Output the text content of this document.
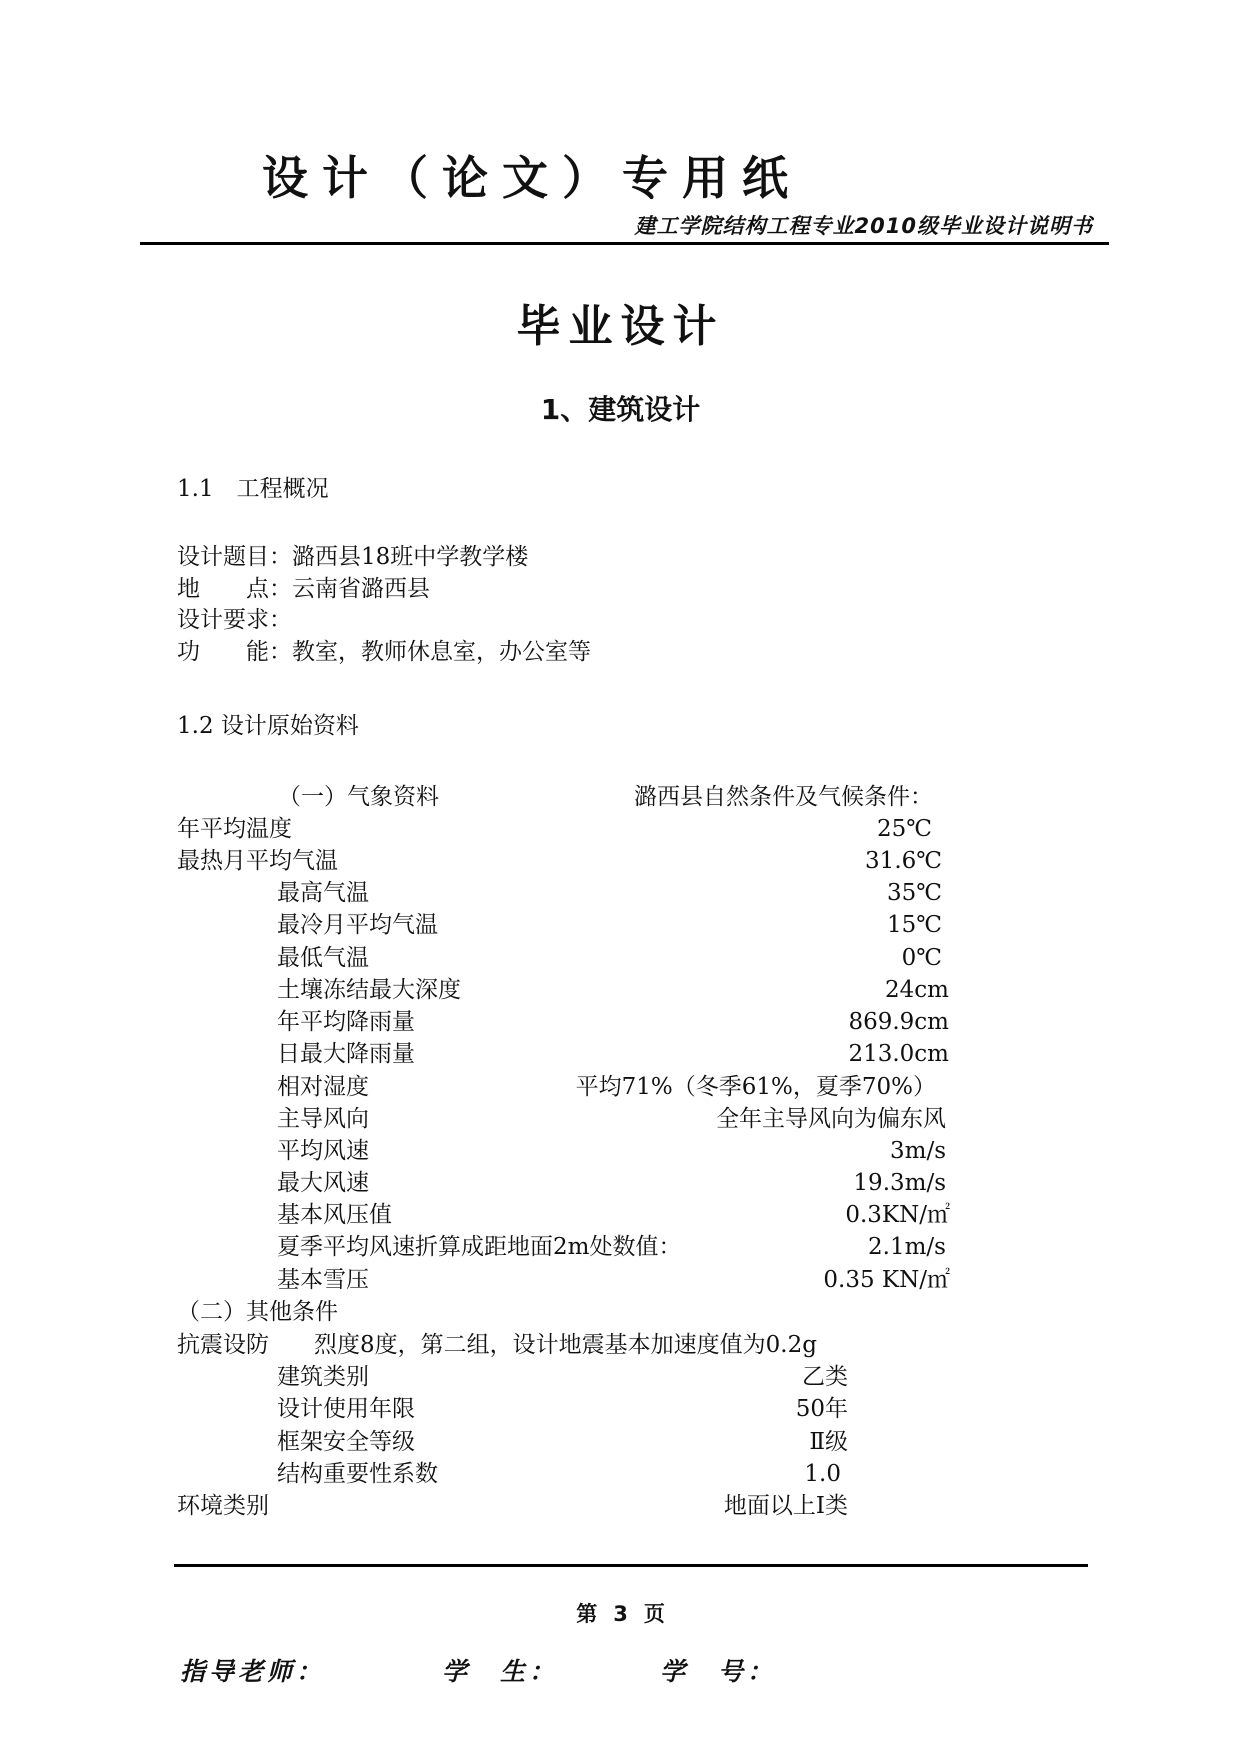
设计（论文）专用纸
建工学院结构工程专业2010级毕业设计说明书
毕业设计
1、建筑设计
1.1　工程概况
设计题目：潞西县18班中学教学楼
地　　点：云南省潞西县
设计要求：
功　　能：教室，教师休息室，办公室等
1.2 设计原始资料
（一）气象资料	潞西县自然条件及气候条件：
年平均温度	25℃
最热月平均气温	31.6℃
最高气温	35℃
最冷月平均气温	15℃
最低气温	0℃
土壤冻结最大深度	24cm
年平均降雨量	869.9cm
日最大降雨量	213.0cm
相对湿度	平均71%（冬季61%，夏季70%）
主导风向	全年主导风向为偏东风
平均风速	3m/s
最大风速	19.3m/s
基本风压值	0.3KN/㎡
夏季平均风速折算成距地面2m处数值：	2.1m/s
基本雪压	0.35 KN/㎡
（二）其他条件
抗震设防 烈度8度，第二组，设计地震基本加速度值为0.2g
建筑类别	乙类
设计使用年限	50年
框架安全等级	Ⅱ级
结构重要性系数	1.0
环境类别	地面以上Ⅰ类
第 3 页
指导老师：	学　生：	学　号：
